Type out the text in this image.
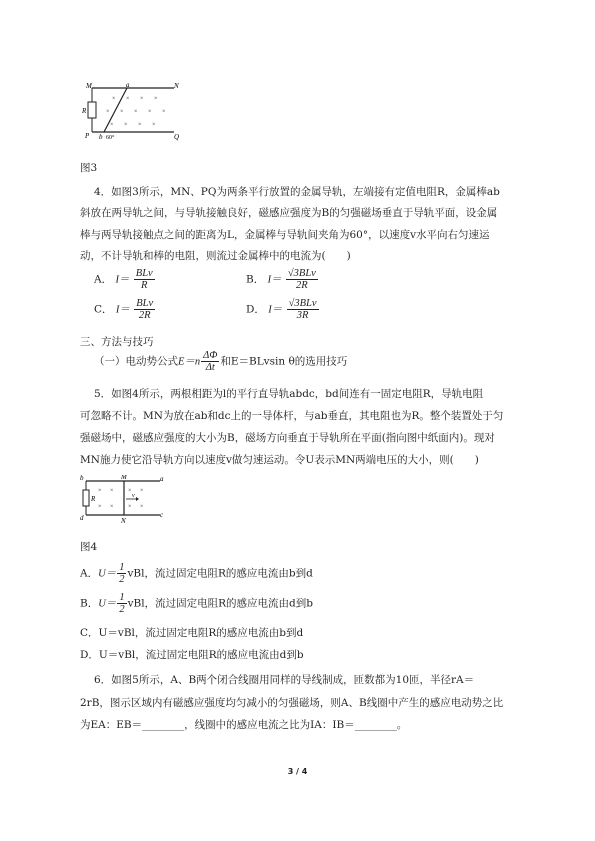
× × × ×
× × × × ×
× × × ×
M	a	N
R
P b 60°	Q
图3
4．如图3所示，MN、PQ为两条平行放置的金属导轨，左端接有定值电阻R，金属棒ab
斜放在两导轨之间，与导轨接触良好，磁感应强度为B的匀强磁场垂直于导轨平面，设金属
棒与两导轨接触点之间的距离为L，金属棒与导轨间夹角为60°，以速度v水平向右匀速运
动，不计导轨和棒的电阻，则流过金属棒中的电流为(　　)
A． $I= \frac{\text{BLv}}{R}$	B． $I= \frac{\text{√3BLv}}{2R}$
C． $I= \frac{\text{BLv}}{2R}$	D． $I= \frac{\text{√3BLv}}{3R}$
三、方法与技巧
（一）电动势公式$E=n \frac{\Delta\Phi}{\Delta t}$ 和E＝BLvsin θ的选用技巧
5．如图4所示，两根相距为l的平行直导轨abdc，bd间连有一固定电阻R，导轨电阻
可忽略不计。MN为放在ab和dc上的一导体杆，与ab垂直，其电阻也为R。整个装置处于匀
强磁场中，磁感应强度的大小为B，磁场方向垂直于导轨所在平面(指向图中纸面内)。现对
MN施力使它沿导轨方向以速度v做匀速运动。令U表示MN两端电压的大小，则(　　)
× × × ×
× × × ×
b	M	a
R	v
d	N
c
图4
A．$U= \frac{1}{2}$ vBl，流过固定电阻R的感应电流由b到d
B．$U= \frac{1}{2}$ vBl，流过固定电阻R的感应电流由d到b
C．U＝vBl，流过固定电阻R的感应电流由b到d
D．U＝vBl，流过固定电阻R的感应电流由d到b
6．如图5所示，A、B两个闭合线圈用同样的导线制成，匝数都为10匝，半径rA＝
2rB，图示区域内有磁感应强度均匀减小的匀强磁场，则A、B线圈中产生的感应电动势之比
为EA：EB＝________，线圈中的感应电流之比为IA：IB＝________。
3 / 4
